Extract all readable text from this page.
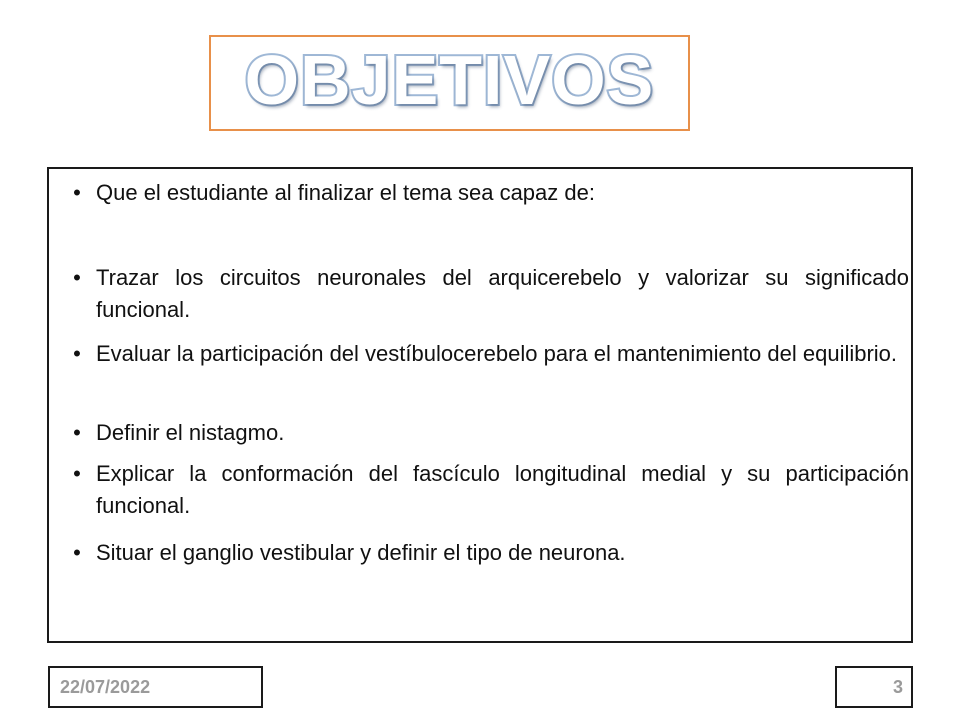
OBJETIVOS
• Que el estudiante al finalizar el tema sea capaz de:
• Trazar los circuitos neuronales del arquicerebelo y valorizar su significado funcional.
• Evaluar la participación del vestíbulocerebelo para el mantenimiento del equilibrio.
• Definir el nistagmo.
• Explicar la conformación del fascículo longitudinal medial y su participación funcional.
• Situar el ganglio vestibular y definir el tipo de neurona.
22/07/2022	3
